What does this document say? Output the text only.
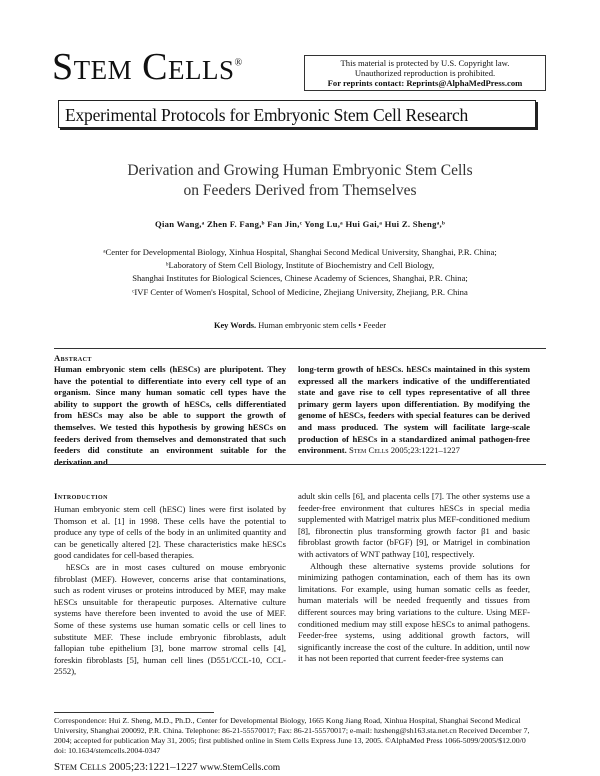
Stem Cells®	This material is protected by U.S. Copyright law.
Unauthorized reproduction is prohibited.
For reprints contact: Reprints@AlphaMedPress.com
Experimental Protocols for Embryonic Stem Cell Research
Derivation and Growing Human Embryonic Stem Cells
on Feeders Derived from Themselves
Qian Wang,ᵃ Zhen F. Fang,ᵇ Fan Jin,ᶜ Yong Lu,ᵃ Hui Gai,ᵃ Hui Z. Shengᵃ,ᵇ
ᵃCenter for Developmental Biology, Xinhua Hospital, Shanghai Second Medical University, Shanghai, P.R. China;
ᵇLaboratory of Stem Cell Biology, Institute of Biochemistry and Cell Biology,
Shanghai Institutes for Biological Sciences, Chinese Academy of Sciences, Shanghai, P.R. China;
ᶜIVF Center of Women's Hospital, School of Medicine, Zhejiang University, Zhejiang, P.R. China
Key Words. Human embryonic stem cells • Feeder
Abstract
Human embryonic stem cells (hESCs) are pluripotent. They have the potential to differentiate into every cell type of an organism. Since many human somatic cell types have the ability to support the growth of hESCs, cells differentiated from hESCs may also be able to support the growth of themselves. We tested this hypothesis by growing hESCs on feeders derived from themselves and demonstrated that such feeders did constitute an environment suitable for the derivation and
long-term growth of hESCs. hESCs maintained in this system expressed all the markers indicative of the undifferentiated state and gave rise to cell types representative of all three primary germ layers upon differentiation. By modifying the genome of hESCs, feeders with special features can be derived and mass produced. The system will facilitate large-scale production of hESCs in a standardized animal pathogen-free environment. Stem Cells 2005;23:1221–1227
Introduction

Human embryonic stem cell (hESC) lines were first isolated by Thomson et al. [1] in 1998. These cells have the potential to produce any type of cells of the body in an unlimited quantity and can be genetically altered [2]. These characteristics make hESCs good candidates for cell-based therapies.

hESCs are in most cases cultured on mouse embryonic fibroblast (MEF). However, concerns arise that contaminations, such as rodent viruses or proteins introduced by MEF, may make hESCs unsuitable for therapeutic purposes. Alternative culture systems have therefore been invented to avoid the use of MEF. Some of these systems use human somatic cells or cell lines to substitute MEF. These include embryonic fibroblasts, adult fallopian tube epithelium [3], bone marrow stromal cells [4], foreskin fibroblasts [5], human cell lines (D551/CCL-10, CCL-2552),

adult skin cells [6], and placenta cells [7]. The other systems use a feeder-free environment that cultures hESCs in special media supplemented with Matrigel matrix plus MEF-conditioned medium [8], fibronectin plus transforming growth factor β1 and basic fibroblast growth factor (bFGF) [9], or Matrigel in combination with activators of WNT pathway [10], respectively.

Although these alternative systems provide solutions for minimizing pathogen contamination, each of them has its own limitations. For example, using human somatic cells as feeder, human materials will be needed frequently and tissues from different sources may bring variations to the culture. Using MEF-conditioned medium may still expose hESCs to animal pathogens. Feeder-free systems, using additional growth factors, will significantly increase the cost of the culture. In addition, until now it has not been reported that current feeder-free systems can

Correspondence: Hui Z. Sheng, M.D., Ph.D., Center for Developmental Biology, 1665 Kong Jiang Road, Xinhua Hospital, Shanghai Second Medical University, Shanghai 200092, P.R. China. Telephone: 86-21-55570017; Fax: 86-21-55570017; e-mail: hzsheng@sh163.sta.net.cn Received December 7, 2004; accepted for publication May 31, 2005; first published online in Stem Cells Express June 13, 2005. ©AlphaMed Press 1066-5099/2005/$12.00/0 doi: 10.1634/stemcells.2004-0347
Stem Cells 2005;23:1221–1227 www.StemCells.com
